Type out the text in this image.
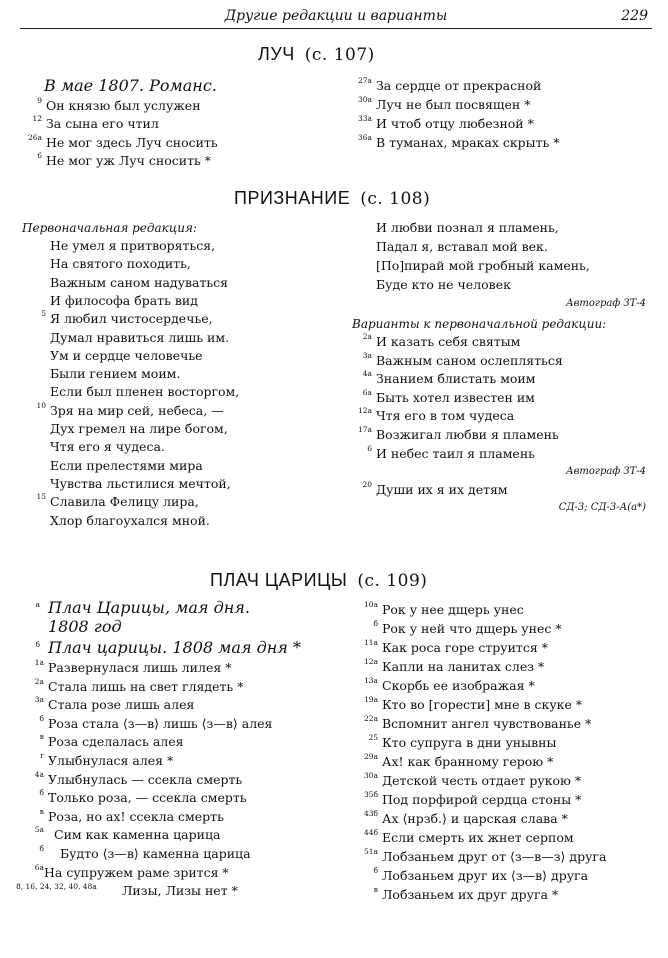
Другие редакции и варианты	229
ЛУЧ (с. 107)
В мае 1807. Романс.
9 Он князю был услужен
12 За сына его чтил
26а Не мог здесь Луч сносить
6 Не мог уж Луч сносить *
27а За сердце от прекрасной
30а Луч не был посвящен *
33а И чтоб отцу любезной *
36а В туманах, мраках скрыть *
ПРИЗНАНИЕ (с. 108)
Первоначальная редакция:
Не умел я притворяться,
На святого походить,
Важным саном надуваться
И философа брать вид
5 Я любил чистосердечье,
Думал нравиться лишь им.
Ум и сердце человечье
Были гением моим.
Если был пленен восторгом,
10 Зря на мир сей, небеса, —
Дух гремел на лире богом,
Чтя его я чудеса.
Если прелестями мира
Чувства льстилися мечтой,
15 Славила Фелицу лира,
Хлор благоухался мной.
И любви познал я пламень,
Падал я, вставал мой век.
[По]пирай мой гробный камень,
Буде кто не человек
2а И казать себя святым
3а Важным саном ослепляться
4а Знанием блистать моим
6а Быть хотел известен им
12а Чтя его в том чудеса
17а Возжигал любви я пламень
6 И небес таил я пламень
20 Души их я их детям
Автограф ЗТ-4
Варианты к первоначальной редакции:
Автограф ЗТ-4
СД-3; СД-3-А(а*)
ПЛАЧ ЦАРИЦЫ (с. 109)
а Плач Царицы, мая дня.
1808 год
б Плач царицы. 1808 мая дня *
1а Развернулася лишь лилея *
2а Стала лишь на свет глядеть *
3а Стала розе лишь алея
б Роза стала ⟨з—в⟩ лишь ⟨з—в⟩ алея
в Роза сделалась алея
г Улыбнулася алея *
4а Улыбнулась — ссекла смерть
б Только роза, — ссекла смерть
в Роза, но ах! ссекла смерть
5а Сим как каменна царица
б Будто ⟨з—в⟩ каменна царица
6а На супружем раме зрится *
8, 16, 24, 32, 40, 48а Лизы, Лизы нет *
10а Рок у нее дщерь унес
б Рок у ней что дщерь унес *
11а Как роса горе струится *
12а Капли на ланитах слез *
13а Скорбь ее изображая *
19а Кто во [горести] мне в скуке *
22а Вспомнит ангел чувствованье *
25 Кто супруга в дни унывны
29а Ах! как бранному герою *
30а Детской честь отдает рукою *
35б Под порфирой сердца стоны *
43б Ах ⟨нрзб.⟩ и царская слава *
44б Если смерть их жнет серпом
51а Лобзаньем друг от ⟨з—в—з⟩ друга
б Лобзаньем друг их ⟨з—в⟩ друга
в Лобзаньем их друг друга *
